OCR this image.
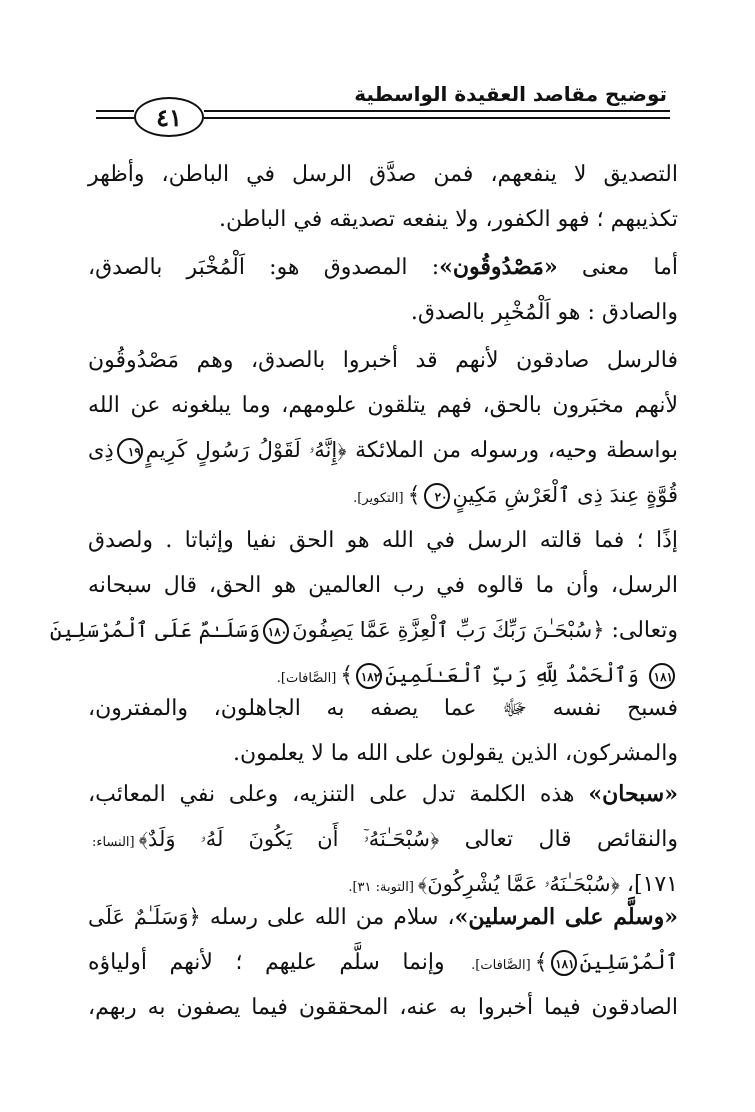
توضيح مقاصد العقيدة الواسطية
٤١
التصديق لا ينفعهم، فمن صدَّق الرسل في الباطن، وأظهر
تكذيبهم ؛ فهو الكفور، ولا ينفعه تصديقه في الباطن.
أما معنى «مَصْدُوقُون»: المصدوق هو: اَلْمُخْبَر بالصدق،
والصادق : هو اَلْمُخْبِر بالصدق.
فالرسل صادقون لأنهم قد أخبروا بالصدق، وهم مَصْدُوقُون
لأنهم مخبَرون بالحق، فهم يتلقون علومهم، وما يبلغونه عن الله
بواسطة وحيه، ورسوله من الملائكة ﴿إِنَّهُۥ لَقَوْلُ رَسُولٍ كَرِيمٍ١٩ذِى
قُوَّةٍ عِندَ ذِى ٱلْعَرْشِ مَكِينٍ٢٠﴾[التكوير].
إذًا ؛ فما قالته الرسل في الله هو الحق نفيا وإثباتا . ولصدق
الرسل، وأن ما قالوه في رب العالمين هو الحق، قال سبحانه
وتعالى: ﴿سُبْحَـٰنَ رَبِّكَ رَبِّ ٱلْعِزَّةِ عَمَّا يَصِفُونَ١٨٠وَسَلَـٰمٌ عَلَى ٱلْمُرْسَلِينَ
١٨١ وَٱلْحَمْدُ لِلَّهِ رَبِّ ٱلْعَـٰلَمِينَ١٨٢﴾[الصَّافات].
فسبح نفسه ﷻ عما يصفه به الجاهلون، والمفترون،
والمشركون، الذين يقولون على الله ما لا يعلمون.
«سبحان» هذه الكلمة تدل على التنزيه، وعلى نفي المعائب،
والنقائص قال تعالى ﴿سُبْحَـٰنَهُۥٓ أَن يَكُونَ لَهُۥ وَلَدٌ﴾[النساء:
١٧١]، ﴿سُبْحَـٰنَهُۥ عَمَّا يُشْرِكُونَ﴾[التوبة: ٣١].
«وسلَّم على المرسلين»، سلام من الله على رسله ﴿وَسَلَـٰمٌ عَلَى
ٱلْمُرْسَلِينَ١٨١﴾[الصَّافات]. وإنما سلَّم عليهم ؛ لأنهم أولياؤه
الصادقون فيما أخبروا به عنه، المحققون فيما يصفون به ربهم،
